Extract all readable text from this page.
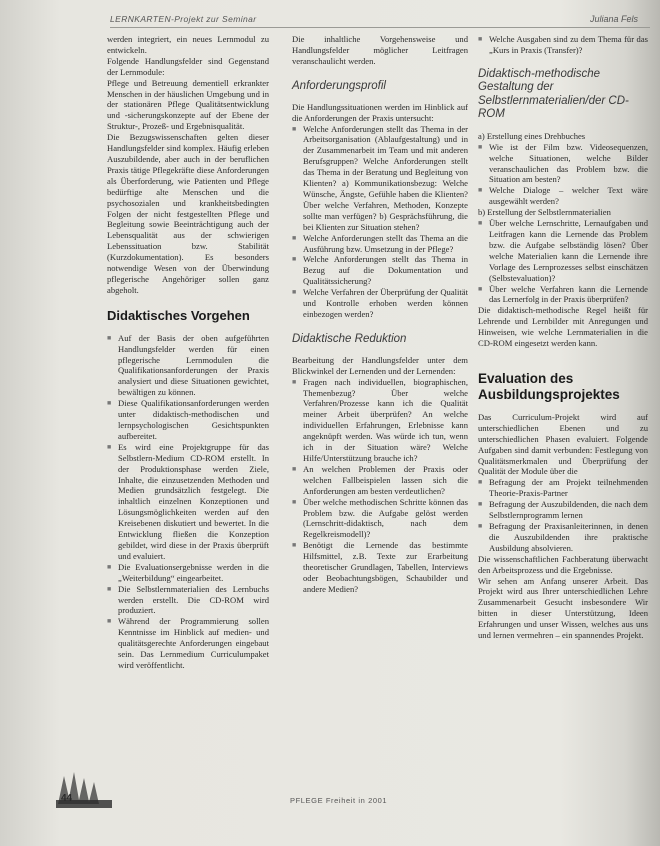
LERNKARTEN-Projekt zur Seminar	Juliana Fels

werden integriert, ein neues Lernmodul zu entwickeln.

Folgende Handlungsfelder sind Gegenstand der Lernmodule:

Pflege und Betreuung dementiell erkrankter Menschen in der häuslichen Umgebung und in der stationären Pflege Qualitätsentwicklung und -sicherungskonzepte auf der Ebene der Struktur-, Prozeß- und Ergebnisqualität.

Die Bezugswissenschaften gelten dieser Handlungsfelder sind komplex. Häufig erleben Auszubildende, aber auch in der beruflichen Praxis tätige Pflegekräfte diese Anforderungen als Überforderung, wie Patienten und Pflege bedürftige alte Menschen und die psychosozialen und krankheitsbedingten Folgen der nicht festgestellten Pflege und Begleitung sowie Beeinträchtigung auch der Lebensqualität aus der schwierigen Lebenssituation bzw. Stabilität (Kurzdokumentation). Es besonders notwendige Wesen von der Überwindung pflegerische Angehöriger sollen ganz abgeholt.

Didaktisches Vorgehen

■ Auf der Basis der oben aufgeführten Handlungsfelder werden für einen pflegerische Lernmodulen die Qualifikationsanforderungen der Praxis analysiert und diese Situationen gewichtet, bewältigen zu können.

■ Diese Qualifikationsanforderungen werden unter didaktisch-methodischen und lernpsychologischen Gesichtspunkten aufbereitet.

■ Es wird eine Projektgruppe für das Selbstlern-Medium CD-ROM erstellt. In der Produktionsphase werden Ziele, Inhalte, die einzusetzenden Methoden und Medien grundsätzlich festgelegt. Die inhaltlich einzelnen Konzeptionen und Lösungsmöglichkeiten werden auf den Kreisebenen diskutiert und bewertet. In die Entwicklung fließen die Konzeption gebildet, wird diese in der Praxis überprüft und evaluiert.

■ Die Evaluationsergebnisse werden in die „Weiterbildung“ eingearbeitet.

■ Die Selbstlernmaterialien des Lernbuchs werden erstellt. Die CD-ROM wird produziert.

■ Während der Programmierung sollen Kenntnisse im Hinblick auf medien- und qualitätsgerechte Anforderungen eingebaut sein. Das Lernmedium Curriculumpaket wird veröffentlicht.

Die inhaltliche Vorgehensweise und Handlungsfelder möglicher Leitfragen veranschaulicht werden.

Anforderungsprofil

Die Handlungssituationen werden im Hinblick auf die Anforderungen der Praxis untersucht:

■ Welche Anforderungen stellt das Thema in der Arbeitsorganisation (Ablaufgestaltung) und in der Zusammenarbeit im Team und mit anderen Berufsgruppen? Welche Anforderungen stellt das Thema in der Beratung und Begleitung von Klienten? a) Kommunikationsbezug: Welche Wünsche, Ängste, Gefühle haben die Klienten? Über welche Verfahren, Methoden, Konzepte sollte man verfügen? b) Gesprächsführung, die bei Klienten zur Situation stehen?

■ Welche Anforderungen stellt das Thema an die Ausführung bzw. Umsetzung in der Pflege?

■ Welche Anforderungen stellt das Thema in Bezug auf die Dokumentation und Qualitätssicherung?

■ Welche Verfahren der Überprüfung der Qualität und Kontrolle erhoben werden können einbezogen werden?

Didaktische Reduktion

Bearbeitung der Handlungsfelder unter dem Blickwinkel der Lernenden und der Lernenden:

■ Fragen nach individuellen, biographischen, Themenbezug? Über welche Verfahren/Prozesse kann ich die Qualität meiner Arbeit überprüfen? An welche individuellen Erfahrungen, Erlebnisse kann angeknüpft werden. Was würde ich tun, wenn ich in der Situation wäre? Welche Hilfe/Unterstützung brauche ich?

■ An welchen Problemen der Praxis oder welchen Fallbeispielen lassen sich die Anforderungen am besten verdeutlichen?

■ Über welche methodischen Schritte können das Problem bzw. die Aufgabe gelöst werden (Lernschritt-didaktisch, nach dem Regelkreismodell)?

■ Benötigt die Lernende das bestimmte Hilfsmittel, z.B. Texte zur Erarbeitung theoretischer Grundlagen, Tabellen, Interviews oder Beobachtungsbögen, Schaubilder und andere Medien?

■ Welche Ausgaben sind zu dem Thema für das „Kurs in Praxis (Transfer)?

Didaktisch-methodische Gestaltung der Selbstlernmaterialien/der CD-ROM

a) Erstellung eines Drehbuches

■ Wie ist der Film bzw. Videosequenzen, welche Situationen, welche Bilder veranschaulichen das Problem bzw. die Situation am besten?

■ Welche Dialoge – welcher Text wäre ausgewählt werden?

b) Erstellung der Selbstlernmaterialien

■ Über welche Lernschritte, Lernaufgaben und Leitfragen kann die Lernende das Problem bzw. die Aufgabe selbständig lösen? Über welche Materialien kann die Lernende ihre Vorlage des Lernprozesses selbst einschätzen (Selbstevaluation)?

■ Über welche Verfahren kann die Lernende das Lernerfolg in der Praxis überprüfen?

Die didaktisch-methodische Regel heißt für Lehrende und Lernbilder mit Anregungen und Hinweisen, wie welche Lernmaterialien in die CD-ROM eingesetzt werden kann.

Evaluation des Ausbildungsprojektes

Das Curriculum-Projekt wird auf unterschiedlichen Ebenen und zu unterschiedlichen Phasen evaluiert. Folgende Aufgaben sind damit verbunden: Festlegung von Qualitätsmerkmalen und Überprüfung der Qualität der Module über die

■ Befragung der am Projekt teilnehmenden Theorie-Praxis-Partner

■ Befragung der Auszubildenden, die nach dem Selbstlernprogramm lernen

■ Befragung der Praxisanleiterinnen, in denen die Auszubildenden ihre praktische Ausbildung absolvieren.

Die wissenschaftlichen Fachberatung überwacht den Arbeitsprozess und die Ergebnisse.

Wir sehen am Anfang unserer Arbeit. Das Projekt wird aus Ihrer unterschiedlichen Lehre Zusammenarbeit Gesucht insbesondere Wir bitten in dieser Unterstützung, Ideen Erfahrungen und unser Wissen, welches aus uns und lernen vermehren – ein spannendes Projekt.

44	PFLEGE Freiheit in 2001
